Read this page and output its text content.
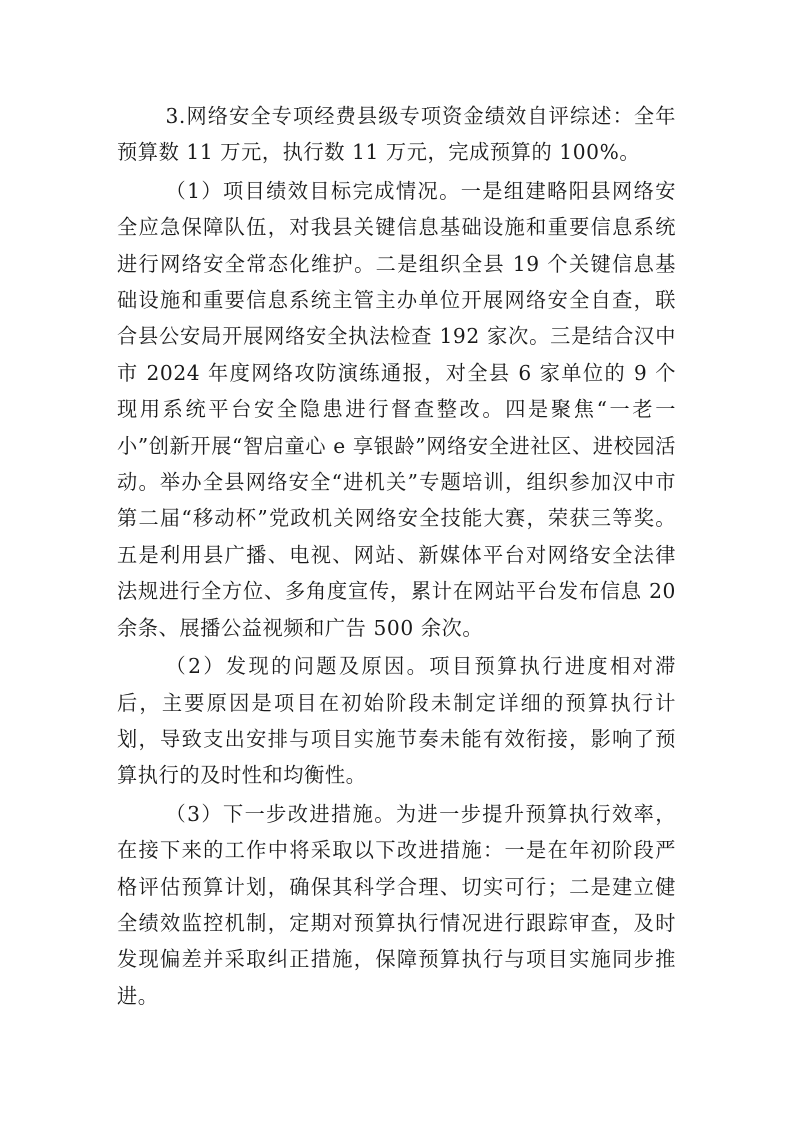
3.网络安全专项经费县级专项资金绩效自评综述：全年预算数 11 万元，执行数 11 万元，完成预算的 100%。

（1）项目绩效目标完成情况。一是组建略阳县网络安全应急保障队伍，对我县关键信息基础设施和重要信息系统进行网络安全常态化维护。二是组织全县 19 个关键信息基础设施和重要信息系统主管主办单位开展网络安全自查，联合县公安局开展网络安全执法检查 192 家次。三是结合汉中市 2024 年度网络攻防演练通报，对全县 6 家单位的 9 个现用系统平台安全隐患进行督查整改。四是聚焦“一老一小”创新开展“智启童心 e 享银龄”网络安全进社区、进校园活动。举办全县网络安全“进机关”专题培训，组织参加汉中市第二届“移动杯”党政机关网络安全技能大赛，荣获三等奖。五是利用县广播、电视、网站、新媒体平台对网络安全法律法规进行全方位、多角度宣传，累计在网站平台发布信息 20 余条、展播公益视频和广告 500 余次。

（2）发现的问题及原因。项目预算执行进度相对滞后，主要原因是项目在初始阶段未制定详细的预算执行计划，导致支出安排与项目实施节奏未能有效衔接，影响了预算执行的及时性和均衡性。

（3）下一步改进措施。为进一步提升预算执行效率，在接下来的工作中将采取以下改进措施：一是在年初阶段严格评估预算计划，确保其科学合理、切实可行；二是建立健全绩效监控机制，定期对预算执行情况进行跟踪审查，及时发现偏差并采取纠正措施，保障预算执行与项目实施同步推进。
